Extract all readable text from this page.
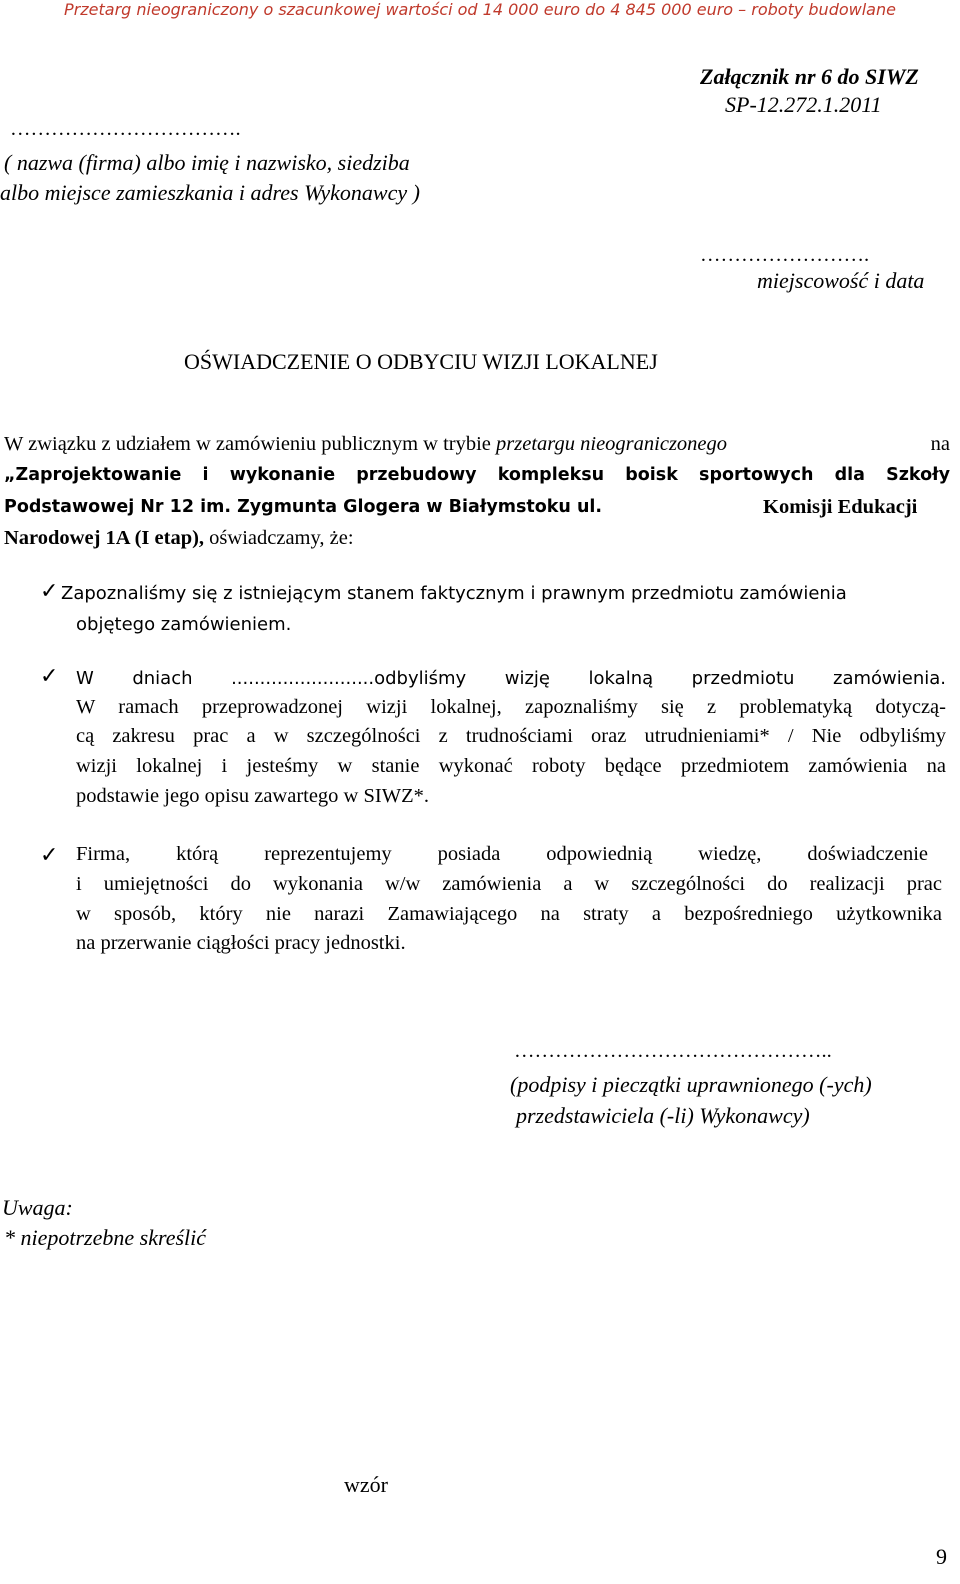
Przetarg nieograniczony o szacunkowej wartości od 14 000 euro do 4 845 000 euro – roboty budowlane
Załącznik nr 6 do SIWZ
SP-12.272.1.2011
…………………………….
( nazwa (firma) albo imię i nazwisko, siedziba
albo miejsce zamieszkania i adres Wykonawcy )
…………………….
miejscowość i data
OŚWIADCZENIE O ODBYCIU WIZJI LOKALNEJ
W związku z udziałem w zamówieniu publicznym w trybie przetargu nieograniczonego	na
„Zaprojektowanie i wykonanie przebudowy kompleksu boisk sportowych dla Szkoły
Podstawowej Nr 12 im. Zygmunta Glogera w Białymstoku ul.	Komisji Edukacji
Narodowej 1A (I etap), oświadczamy, że:
✓ Zapoznaliśmy się z istniejącym stanem faktycznym i prawnym przedmiotu zamówienia
objętego zamówieniem.
✓ W dniach .........................odbyliśmy wizję lokalną przedmiotu zamówienia.
W ramach przeprowadzonej wizji lokalnej, zapoznaliśmy się z problematyką dotyczą-
cą zakresu prac a w szczególności z trudnościami oraz utrudnieniami* / Nie odbyliśmy
wizji lokalnej i jesteśmy w stanie wykonać roboty będące przedmiotem zamówienia na
podstawie jego opisu zawartego w SIWZ*.
✓ Firma, którą reprezentujemy posiada odpowiednią wiedzę, doświadczenie
i umiejętności do wykonania w/w zamówienia a w szczególności do realizacji prac
w sposób, który nie narazi Zamawiającego na straty a bezpośredniego użytkownika
na przerwanie ciągłości pracy jednostki.
………………………………………..
(podpisy i pieczątki uprawnionego (-ych)
przedstawiciela (-li) Wykonawcy)
Uwaga:
* niepotrzebne skreślić
wzór
9
